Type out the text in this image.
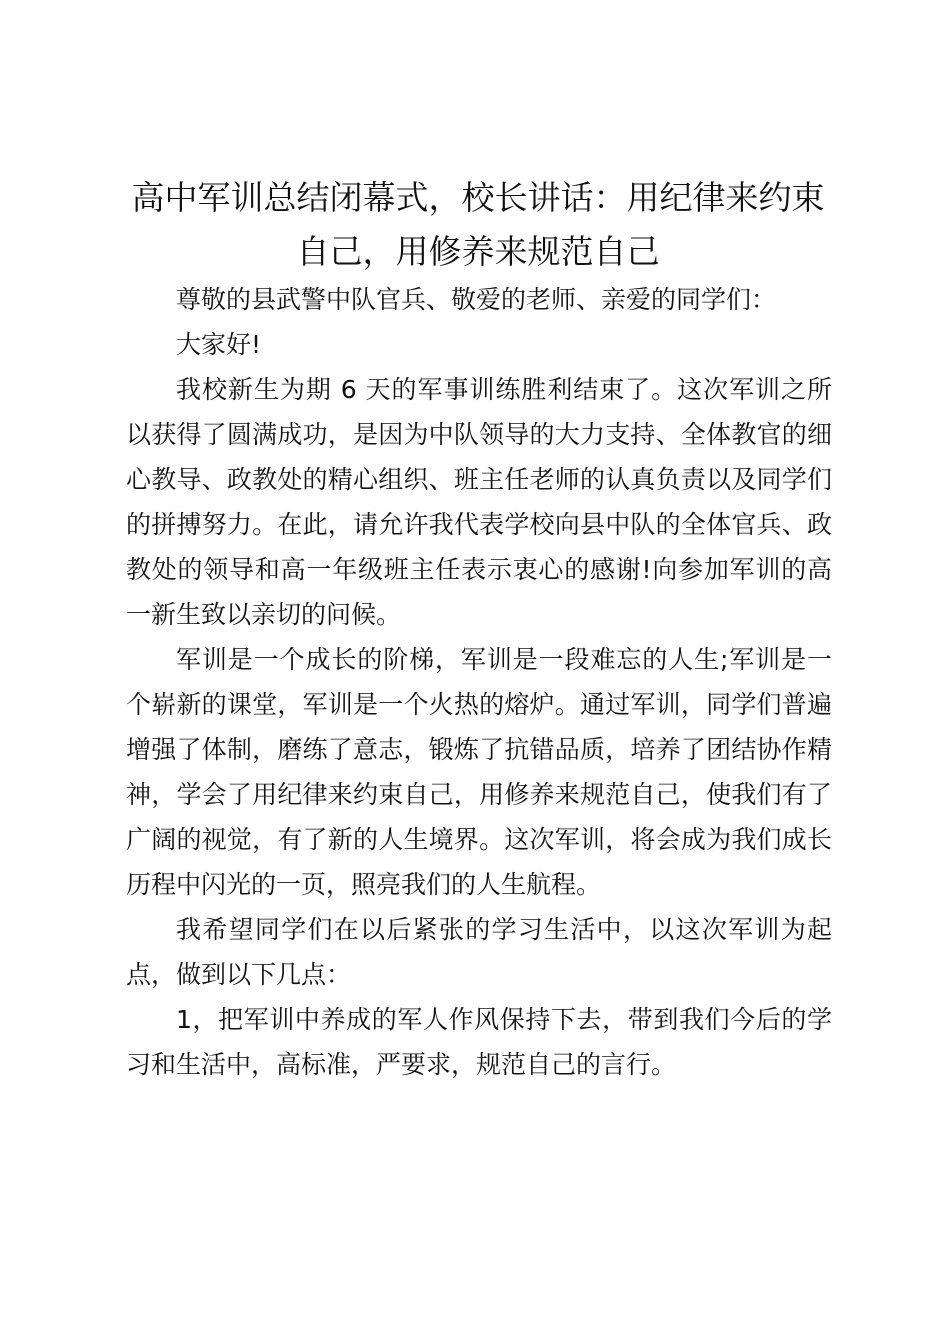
高中军训总结闭幕式，校长讲话：用纪律来约束自己，用修养来规范自己

尊敬的县武警中队官兵、敬爱的老师、亲爱的同学们：

大家好!

我校新生为期 6 天的军事训练胜利结束了。这次军训之所以获得了圆满成功，是因为中队领导的大力支持、全体教官的细心教导、政教处的精心组织、班主任老师的认真负责以及同学们的拼搏努力。在此，请允许我代表学校向县中队的全体官兵、政教处的领导和高一年级班主任表示衷心的感谢!向参加军训的高一新生致以亲切的问候。

军训是一个成长的阶梯，军训是一段难忘的人生;军训是一个崭新的课堂，军训是一个火热的熔炉。通过军训，同学们普遍增强了体制，磨练了意志，锻炼了抗错品质，培养了团结协作精神，学会了用纪律来约束自己，用修养来规范自己，使我们有了广阔的视觉，有了新的人生境界。这次军训，将会成为我们成长历程中闪光的一页，照亮我们的人生航程。

我希望同学们在以后紧张的学习生活中，以这次军训为起点，做到以下几点：

1，把军训中养成的军人作风保持下去，带到我们今后的学习和生活中，高标准，严要求，规范自己的言行。
